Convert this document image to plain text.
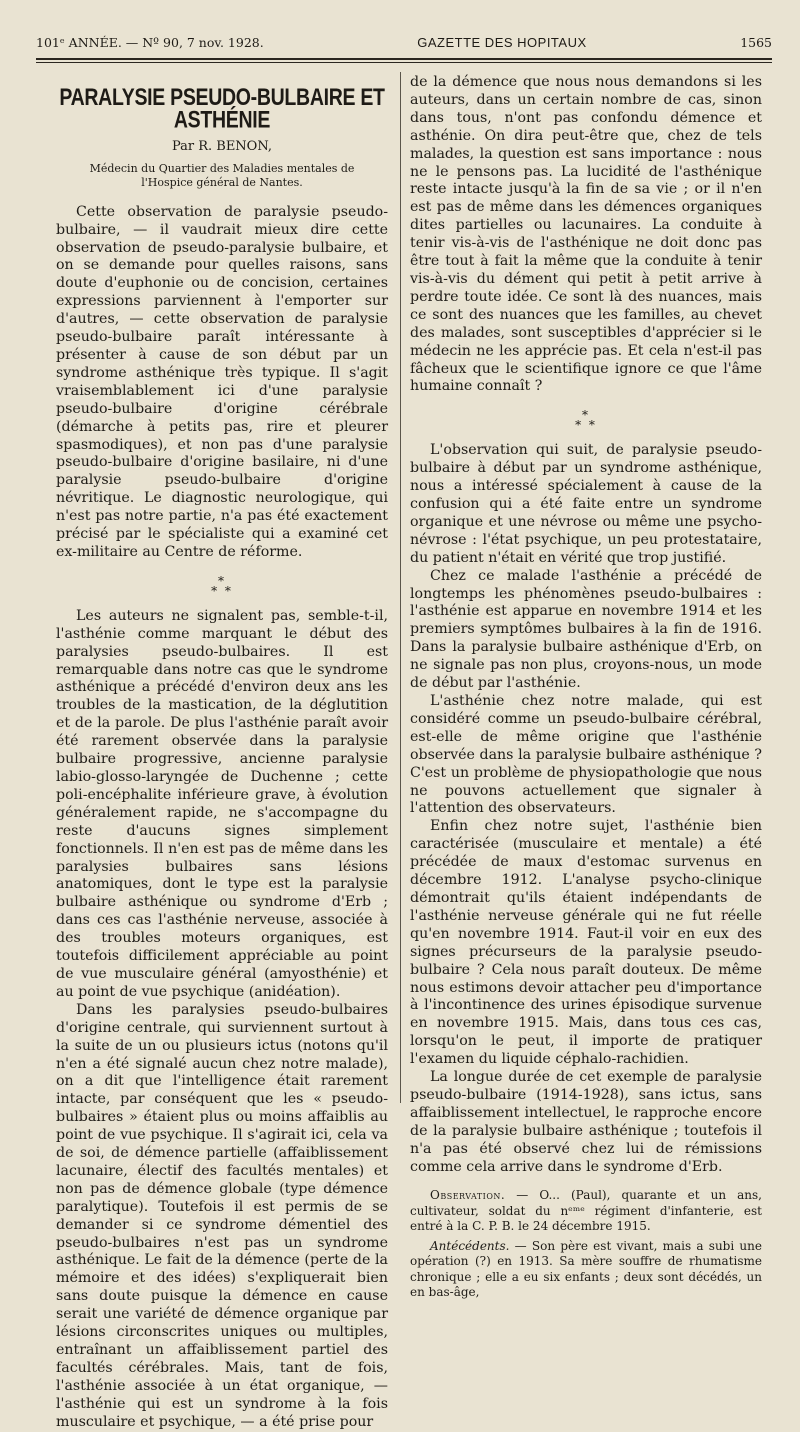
101ᵉ ANNÉE. — Nº 90, 7 nov. 1928.	GAZETTE DES HOPITAUX	1565
PARALYSIE PSEUDO-BULBAIRE ET ASTHÉNIE
Par R. BENON,
Médecin du Quartier des Maladies mentales de l'Hospice général de Nantes.

Cette observation de paralysie pseudo-bulbaire, — il vaudrait mieux dire cette observation de pseudo-paralysie bulbaire, et on se demande pour quelles raisons, sans doute d'euphonie ou de concision, certaines expressions parviennent à l'emporter sur d'autres, — cette observation de paralysie pseudo-bulbaire paraît intéressante à présenter à cause de son début par un syndrome asthénique très typique. Il s'agit vraisemblablement ici d'une paralysie pseudo-bulbaire d'origine cérébrale (démarche à petits pas, rire et pleurer spasmodiques), et non pas d'une paralysie pseudo-bulbaire d'origine basilaire, ni d'une paralysie pseudo-bulbaire d'origine névritique. Le diagnostic neurologique, qui n'est pas notre partie, n'a pas été exactement précisé par le spécialiste qui a examiné cet ex-militaire au Centre de réforme.

*
* *

Les auteurs ne signalent pas, semble-t-il, l'asthénie comme marquant le début des paralysies pseudo-bulbaires. Il est remarquable dans notre cas que le syndrome asthénique a précédé d'environ deux ans les troubles de la mastication, de la déglutition et de la parole. De plus l'asthénie paraît avoir été rarement observée dans la paralysie bulbaire progressive, ancienne paralysie labio-glosso-laryngée de Duchenne ; cette poli-encéphalite inférieure grave, à évolution généralement rapide, ne s'accompagne du reste d'aucuns signes simplement fonctionnels. Il n'en est pas de même dans les paralysies bulbaires sans lésions anatomiques, dont le type est la paralysie bulbaire asthénique ou syndrome d'Erb ; dans ces cas l'asthénie nerveuse, associée à des troubles moteurs organiques, est toutefois difficilement appréciable au point de vue musculaire général (amyosthénie) et au point de vue psychique (anidéation).

Dans les paralysies pseudo-bulbaires d'origine centrale, qui surviennent surtout à la suite de un ou plusieurs ictus (notons qu'il n'en a été signalé aucun chez notre malade), on a dit que l'intelligence était rarement intacte, par conséquent que les « pseudo-bulbaires » étaient plus ou moins affaiblis au point de vue psychique. Il s'agirait ici, cela va de soi, de démence partielle (affaiblissement lacunaire, électif des facultés mentales) et non pas de démence globale (type démence paralytique). Toutefois il est permis de se demander si ce syndrome démentiel des pseudo-bulbaires n'est pas un syndrome asthénique. Le fait de la démence (perte de la mémoire et des idées) s'expliquerait bien sans doute puisque la démence en cause serait une variété de démence organique par lésions circonscrites uniques ou multiples, entraînant un affaiblissement partiel des facultés cérébrales. Mais, tant de fois, l'asthénie associée à un état organique, — l'asthénie qui est un syndrome à la fois musculaire et psychique, — a été prise pour

de la démence que nous nous demandons si les auteurs, dans un certain nombre de cas, sinon dans tous, n'ont pas confondu démence et asthénie. On dira peut-être que, chez de tels malades, la question est sans importance : nous ne le pensons pas. La lucidité de l'asthénique reste intacte jusqu'à la fin de sa vie ; or il n'en est pas de même dans les démences organiques dites partielles ou lacunaires. La conduite à tenir vis-à-vis de l'asthénique ne doit donc pas être tout à fait la même que la conduite à tenir vis-à-vis du dément qui petit à petit arrive à perdre toute idée. Ce sont là des nuances, mais ce sont des nuances que les familles, au chevet des malades, sont susceptibles d'apprécier si le médecin ne les apprécie pas. Et cela n'est-il pas fâcheux que le scientifique ignore ce que l'âme humaine connaît ?

*
* *

L'observation qui suit, de paralysie pseudo-bulbaire à début par un syndrome asthénique, nous a intéressé spécialement à cause de la confusion qui a été faite entre un syndrome organique et une névrose ou même une psycho-névrose : l'état psychique, un peu protestataire, du patient n'était en vérité que trop justifié.

Chez ce malade l'asthénie a précédé de longtemps les phénomènes pseudo-bulbaires : l'asthénie est apparue en novembre 1914 et les premiers symptômes bulbaires à la fin de 1916. Dans la paralysie bulbaire asthénique d'Erb, on ne signale pas non plus, croyons-nous, un mode de début par l'asthénie.

L'asthénie chez notre malade, qui est considéré comme un pseudo-bulbaire cérébral, est-elle de même origine que l'asthénie observée dans la paralysie bulbaire asthénique ? C'est un problème de physiopathologie que nous ne pouvons actuellement que signaler à l'attention des observateurs.

Enfin chez notre sujet, l'asthénie bien caractérisée (musculaire et mentale) a été précédée de maux d'estomac survenus en décembre 1912. L'analyse psycho-clinique démontrait qu'ils étaient indépendants de l'asthénie nerveuse générale qui ne fut réelle qu'en novembre 1914. Faut-il voir en eux des signes précurseurs de la paralysie pseudo-bulbaire ? Cela nous paraît douteux. De même nous estimons devoir attacher peu d'importance à l'incontinence des urines épisodique survenue en novembre 1915. Mais, dans tous ces cas, lorsqu'on le peut, il importe de pratiquer l'examen du liquide céphalo-rachidien.

La longue durée de cet exemple de paralysie pseudo-bulbaire (1914-1928), sans ictus, sans affaiblissement intellectuel, le rapproche encore de la paralysie bulbaire asthénique ; toutefois il n'a pas été observé chez lui de rémissions comme cela arrive dans le syndrome d'Erb.

Observation. — O... (Paul), quarante et un ans, cultivateur, soldat du nᵉᵐᵉ régiment d'infanterie, est entré à la C. P. B. le 24 décembre 1915.

Antécédents. — Son père est vivant, mais a subi une opération (?) en 1913. Sa mère souffre de rhumatisme chronique ; elle a eu six enfants ; deux sont décédés, un en bas-âge,
